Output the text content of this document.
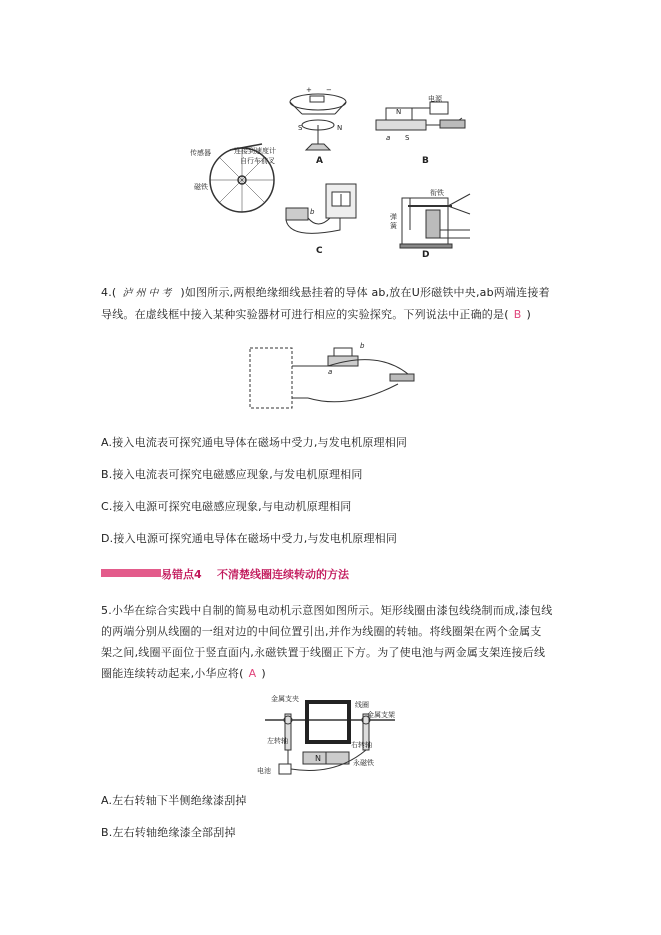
+ −
S	N
A
N
S
a
电源
B
传感器	连接到速度计
自行车前叉
磁铁
b
C
衔铁
弹
簧
D
4.( 泸州中考 )如图所示,两根绝缘细线悬挂着的导体 ab,放在U形磁铁中央,ab两端连接着
导线。在虚线框中接入某种实验器材可进行相应的实验探究。下列说法中正确的是( B )
a
b
A.接入电流表可探究通电导体在磁场中受力,与发电机原理相同
B.接入电流表可探究电磁感应现象,与发电机原理相同
C.接入电源可探究电磁感应现象,与电动机原理相同
D.接入电源可探究通电导体在磁场中受力,与发电机原理相同
易错点4 不清楚线圈连续转动的方法
5.小华在综合实践中自制的简易电动机示意图如图所示。矩形线圈由漆包线绕制而成,漆包线
的两端分别从线圈的一组对边的中间位置引出,并作为线圈的转轴。将线圈架在两个金属支
架之间,线圈平面位于竖直面内,永磁铁置于线圈正下方。为了使电池与两金属支架连接后线
圈能连续转动起来,小华应将( A )
金属支夹
线圈
金属支架
左转轴	右转轴
N
电池
永磁铁
A.左右转轴下半侧绝缘漆刮掉
B.左右转轴绝缘漆全部刮掉
